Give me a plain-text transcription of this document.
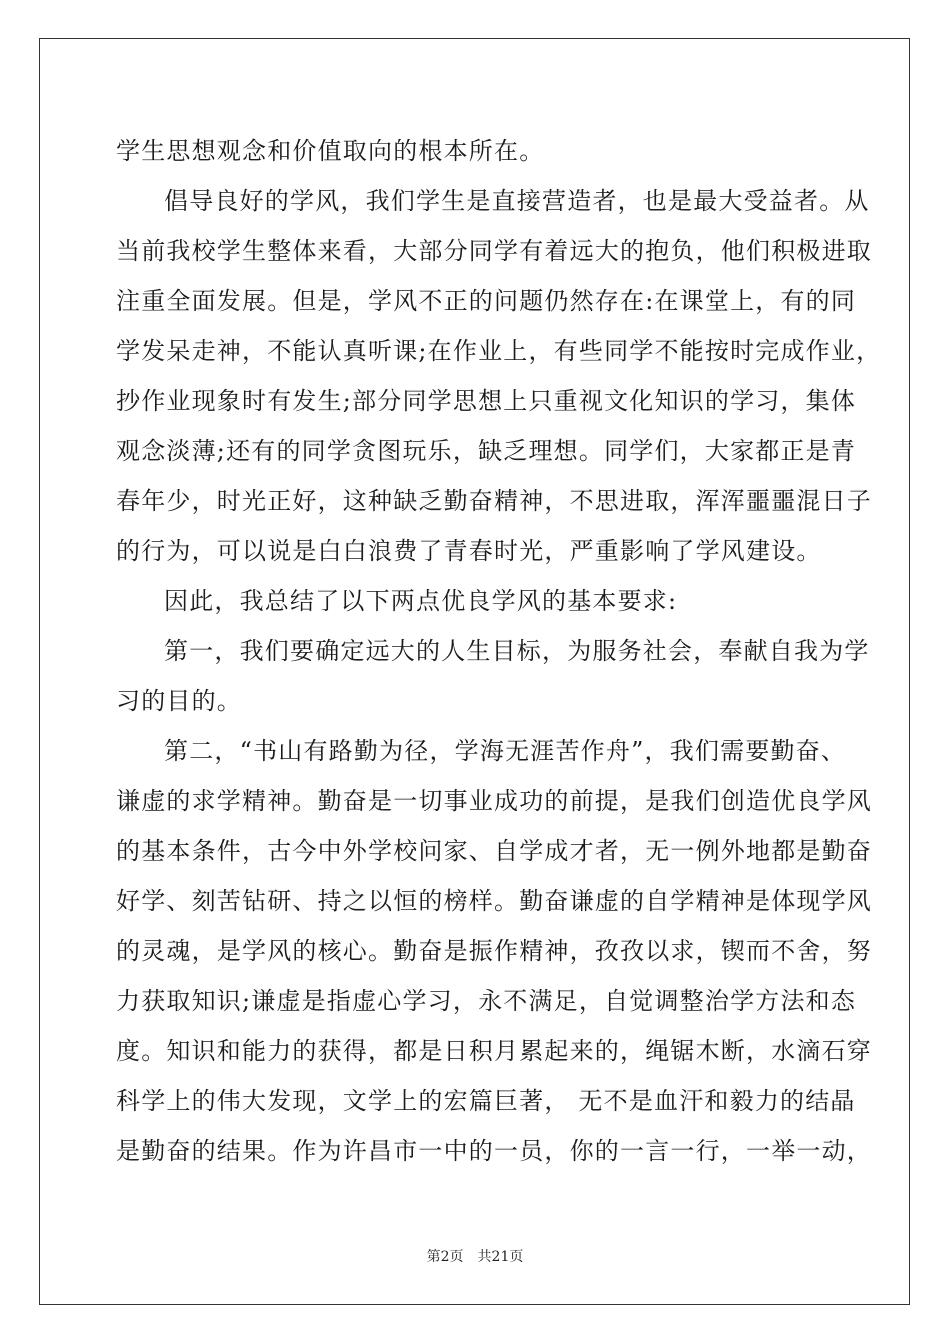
学生思想观念和价值取向的根本所在。
倡导良好的学风，我们学生是直接营造者，也是最大受益者。从
当前我校学生整体来看，大部分同学有着远大的抱负，他们积极进取
注重全面发展。但是，学风不正的问题仍然存在:在课堂上，有的同
学发呆走神，不能认真听课;在作业上，有些同学不能按时完成作业，
抄作业现象时有发生;部分同学思想上只重视文化知识的学习，集体
观念淡薄;还有的同学贪图玩乐，缺乏理想。同学们，大家都正是青
春年少，时光正好，这种缺乏勤奋精神，不思进取，浑浑噩噩混日子
的行为，可以说是白白浪费了青春时光，严重影响了学风建设。
因此，我总结了以下两点优良学风的基本要求:
第一，我们要确定远大的人生目标，为服务社会，奉献自我为学
习的目的。
第二，“书山有路勤为径，学海无涯苦作舟”，我们需要勤奋、
谦虚的求学精神。勤奋是一切事业成功的前提，是我们创造优良学风
的基本条件，古今中外学校问家、自学成才者，无一例外地都是勤奋
好学、刻苦钻研、持之以恒的榜样。勤奋谦虚的自学精神是体现学风
的灵魂，是学风的核心。勤奋是振作精神，孜孜以求，锲而不舍，努
力获取知识;谦虚是指虚心学习，永不满足，自觉调整治学方法和态
度。知识和能力的获得，都是日积月累起来的，绳锯木断，水滴石穿
科学上的伟大发现，文学上的宏篇巨著， 无不是血汗和毅力的结晶
是勤奋的结果。作为许昌市一中的一员，你的一言一行，一举一动，
第2页 共21页
